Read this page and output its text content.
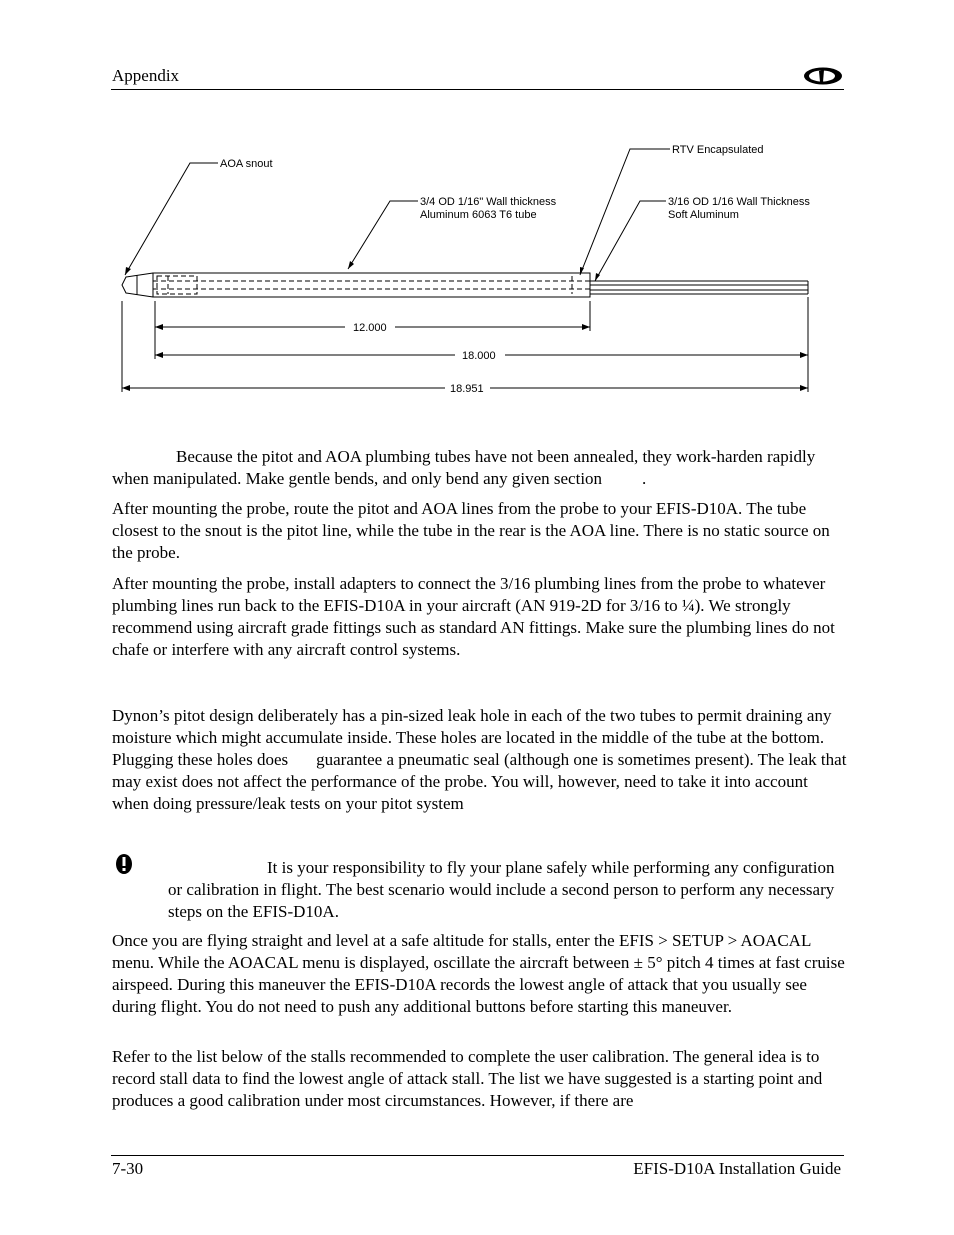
Appendix
AOA snout
RTV Encapsulated
3/4 OD 1/16" Wall thickness
Aluminum 6063 T6 tube
3/16 OD 1/16 Wall Thickness
Soft Aluminum
12.000
18.000
18.951

Because the pitot and AOA plumbing tubes have not been annealed, they work-harden rapidly when manipulated. Make gentle bends, and only bend any given section .

After mounting the probe, route the pitot and AOA lines from the probe to your EFIS-D10A. The tube closest to the snout is the pitot line, while the tube in the rear is the AOA line. There is no static source on the probe.

After mounting the probe, install adapters to connect the 3/16 plumbing lines from the probe to whatever plumbing lines run back to the EFIS-D10A in your aircraft (AN 919-2D for 3/16 to ¼). We strongly recommend using aircraft grade fittings such as standard AN fittings. Make sure the plumbing lines do not chafe or interfere with any aircraft control systems.

Dynon’s pitot design deliberately has a pin-sized leak hole in each of the two tubes to permit draining any moisture which might accumulate inside. These holes are located in the middle of the tube at the bottom. Plugging these holes does guarantee a pneumatic seal (although one is sometimes present). The leak that may exist does not affect the performance of the probe. You will, however, need to take it into account when doing pressure/leak tests on your pitot system

It is your responsibility to fly your plane safely while performing any configuration or calibration in flight. The best scenario would include a second person to perform any necessary steps on the EFIS-D10A.

Once you are flying straight and level at a safe altitude for stalls, enter the EFIS > SETUP > AOACAL menu. While the AOACAL menu is displayed, oscillate the aircraft between ± 5° pitch 4 times at fast cruise airspeed. During this maneuver the EFIS-D10A records the lowest angle of attack that you usually see during flight. You do not need to push any additional buttons before starting this maneuver.

Refer to the list below of the stalls recommended to complete the user calibration. The general idea is to record stall data to find the lowest angle of attack stall. The list we have suggested is a starting point and produces a good calibration under most circumstances. However, if there are

7-30	EFIS-D10A Installation Guide
